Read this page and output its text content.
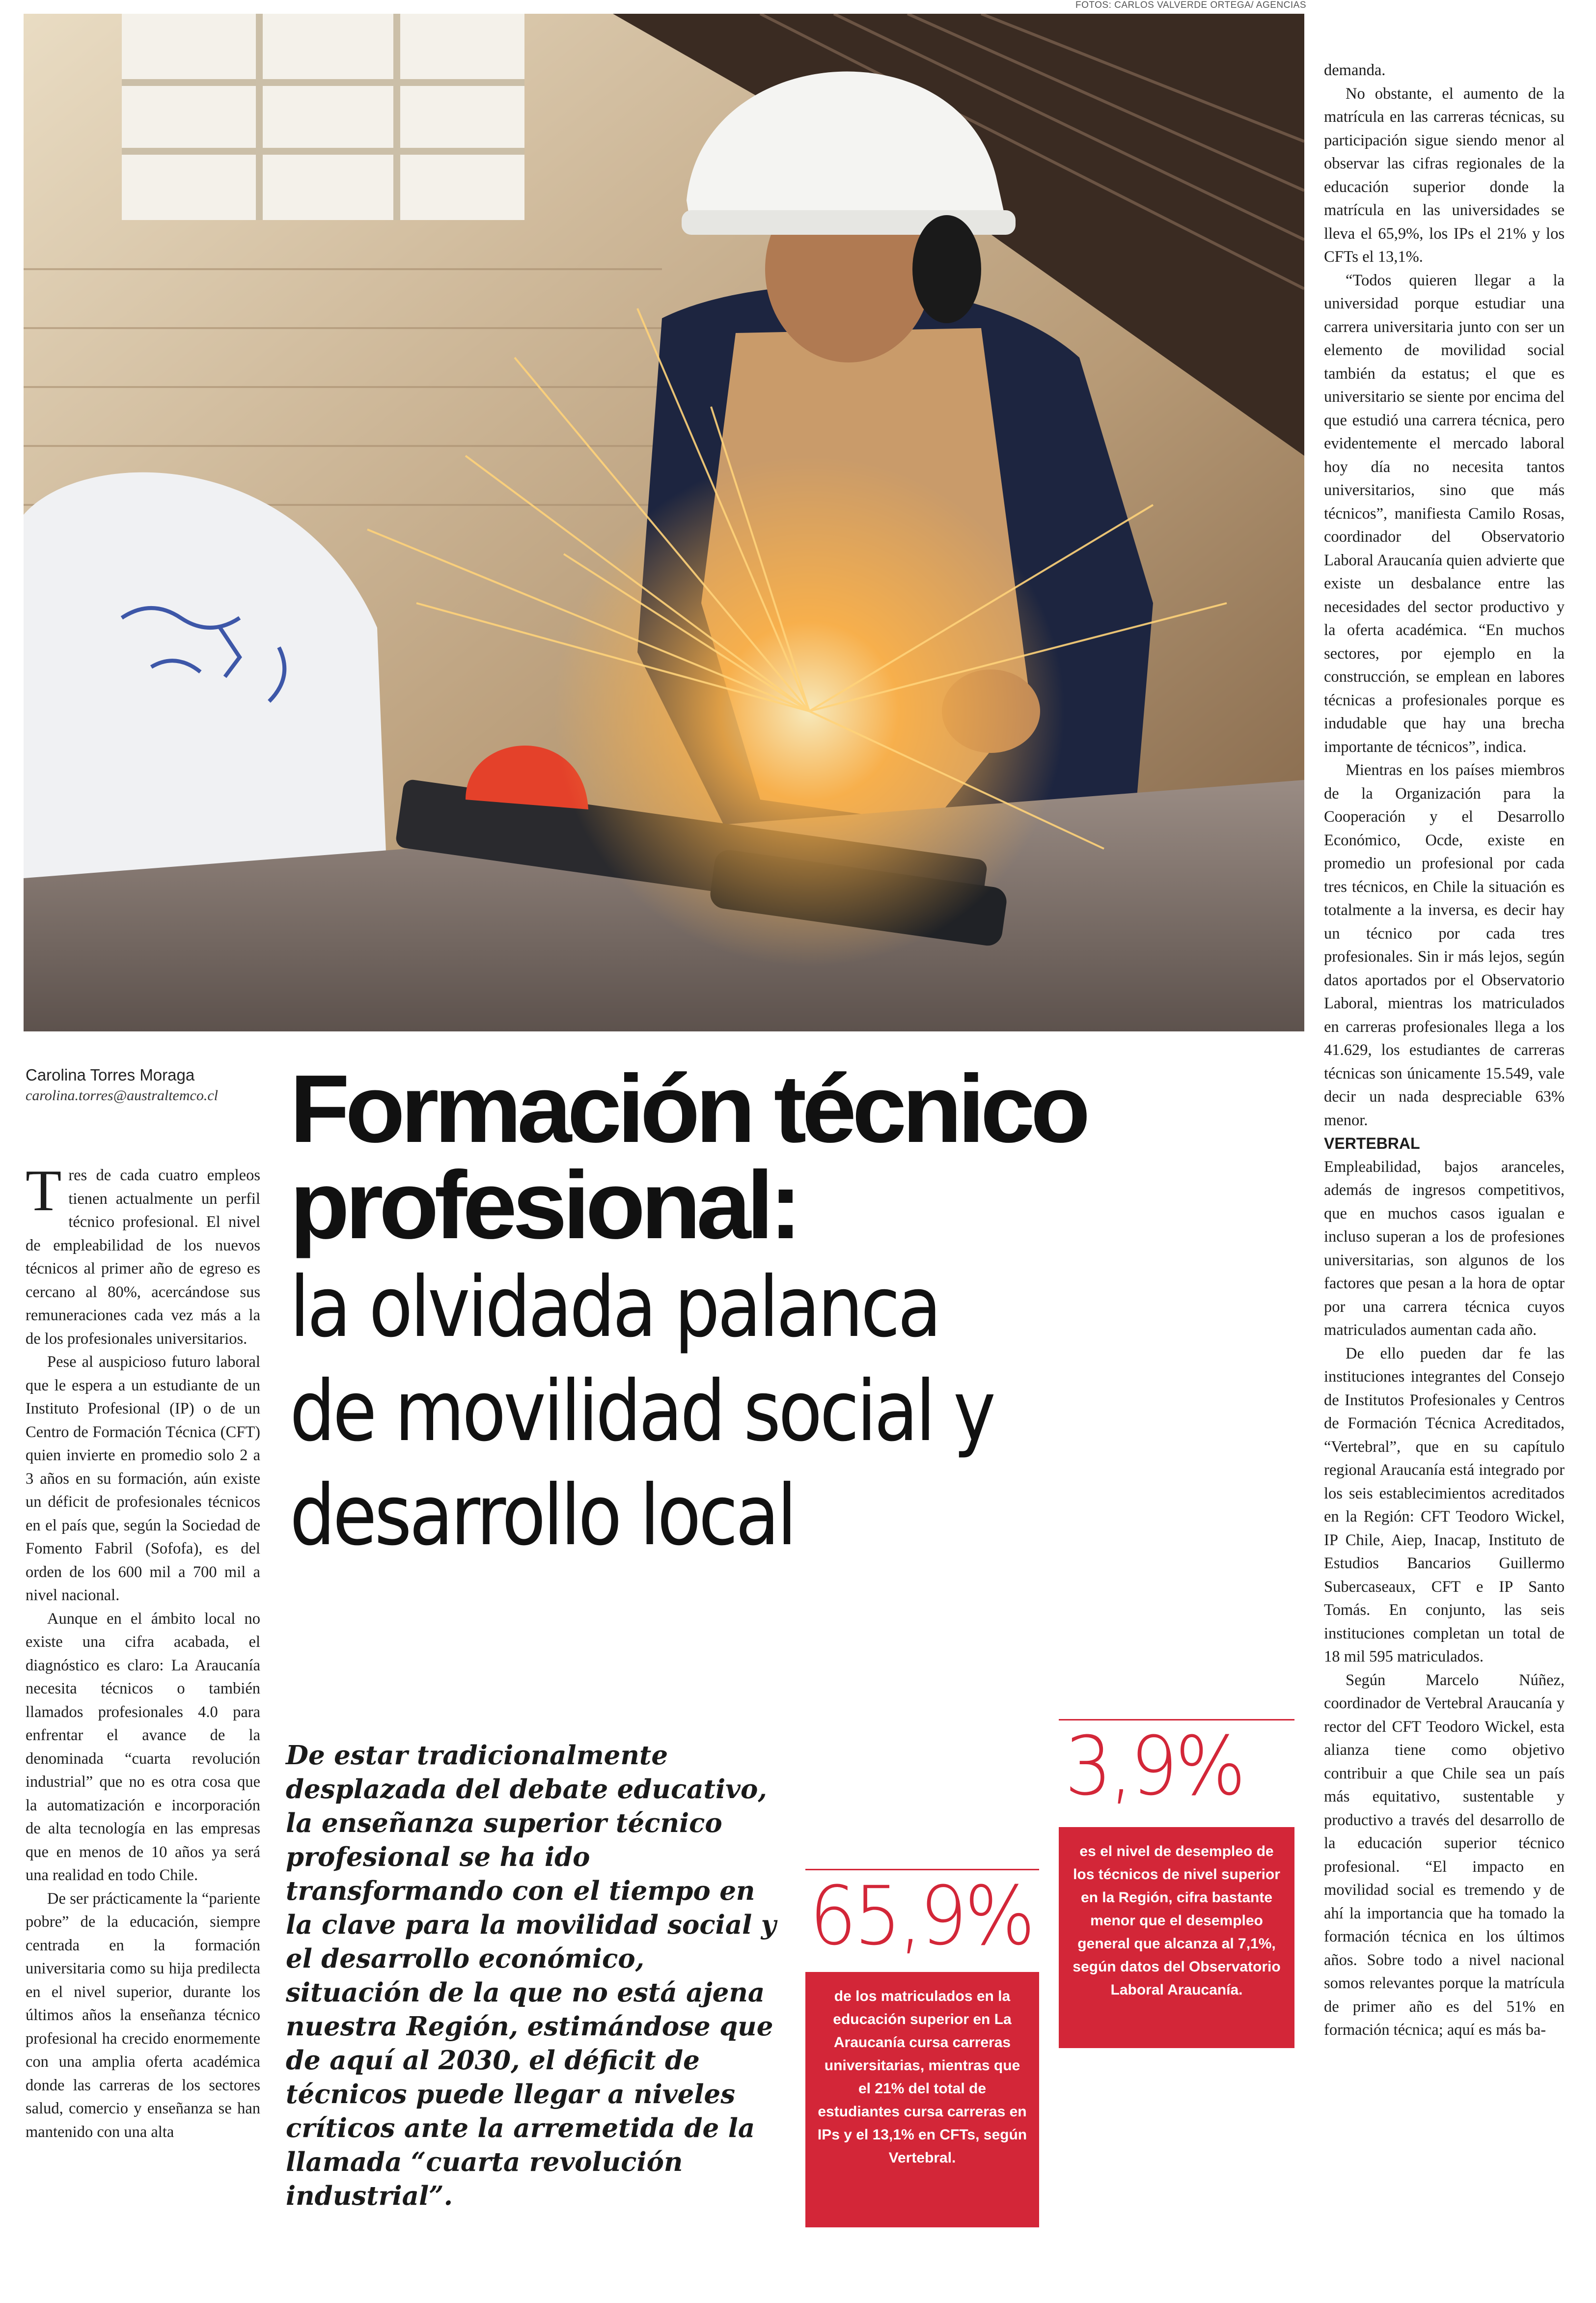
FOTOS: CARLOS VALVERDE ORTEGA/ AGENCIAS
Carolina Torres Moraga
carolina.torres@australtemco.cl Formación técnico
profesional:
la olvidada palanca
de movilidad social y
desarrollo local

Tres de cada cuatro empleos tienen actualmente un perfil técnico profesional. El nivel de empleabilidad de los nuevos técnicos al primer año de egreso es cercano al 80%, acercándose sus remuneraciones cada vez más a la de los profesionales universitarios.

Pese al auspicioso futuro laboral que le espera a un estudiante de un Instituto Profesional (IP) o de un Centro de Formación Técnica (CFT) quien invierte en promedio solo 2 a 3 años en su formación, aún existe un déficit de profesionales técnicos en el país que, según la Sociedad de Fomento Fabril (Sofofa), es del orden de los 600 mil a 700 mil a nivel nacional.

Aunque en el ámbito local no existe una cifra acabada, el diagnóstico es claro: La Araucanía necesita técnicos o también llamados profesionales 4.0 para enfrentar el avance de la denominada “cuarta revolución industrial” que no es otra cosa que la automatización e incorporación de alta tecnología en las empresas que en menos de 10 años ya será una realidad en todo Chile.

De ser prácticamente la “pariente pobre” de la educación, siempre centrada en la formación universitaria como su hija predilecta en el nivel superior, durante los últimos años la enseñanza técnico profesional ha crecido enormemente con una amplia oferta académica donde las carreras de los sectores salud, comercio y enseñanza se han mantenido con una alta

De estar tradicionalmente desplazada del debate educativo, la enseñanza superior técnico profesional se ha ido transformando con el tiempo en la clave para la movilidad social y el desarrollo económico, situación de la que no está ajena nuestra Región, estimándose que de aquí al 2030, el déficit de técnicos puede llegar a niveles críticos ante la arremetida de la llamada “cuarta revolución industrial”.
65,9%
de los matriculados en la educación superior en La Araucanía cursa carreras universitarias, mientras que el 21% del total de estudiantes cursa carreras en IPs y el 13,1% en CFTs, según Vertebral.
3,9%
es el nivel de desempleo de los técnicos de nivel superior en la Región, cifra bastante menor que el desempleo general que alcanza al 7,1%, según datos del Observatorio Laboral Araucanía.

demanda.

No obstante, el aumento de la matrícula en las carreras técnicas, su participación sigue siendo menor al observar las cifras regionales de la educación superior donde la matrícula en las universidades se lleva el 65,9%, los IPs el 21% y los CFTs el 13,1%.

“Todos quieren llegar a la universidad porque estudiar una carrera universitaria junto con ser un elemento de movilidad social también da estatus; el que es universitario se siente por encima del que estudió una carrera técnica, pero evidentemente el mercado laboral hoy día no necesita tantos universitarios, sino que más técnicos”, manifiesta Camilo Rosas, coordinador del Observatorio Laboral Araucanía quien advierte que existe un desbalance entre las necesidades del sector productivo y la oferta académica. “En muchos sectores, por ejemplo en la construcción, se emplean en labores técnicas a profesionales porque es indudable que hay una brecha importante de técnicos”, indica.

Mientras en los países miembros de la Organización para la Cooperación y el Desarrollo Económico, Ocde, existe en promedio un profesional por cada tres técnicos, en Chile la situación es totalmente a la inversa, es decir hay un técnico por cada tres profesionales. Sin ir más lejos, según datos aportados por el Observatorio Laboral, mientras los matriculados en carreras profesionales llega a los 41.629, los estudiantes de carreras técnicas son únicamente 15.549, vale decir un nada despreciable 63% menor.

VERTEBRAL

Empleabilidad, bajos aranceles, además de ingresos competitivos, que en muchos casos igualan e incluso superan a los de profesiones universitarias, son algunos de los factores que pesan a la hora de optar por una carrera técnica cuyos matriculados aumentan cada año.

De ello pueden dar fe las instituciones integrantes del Consejo de Institutos Profesionales y Centros de Formación Técnica Acreditados, “Vertebral”, que en su capítulo regional Araucanía está integrado por los seis establecimientos acreditados en la Región: CFT Teodoro Wickel, IP Chile, Aiep, Inacap, Instituto de Estudios Bancarios Guillermo Subercaseaux, CFT e IP Santo Tomás. En conjunto, las seis instituciones completan un total de 18 mil 595 matriculados.

Según Marcelo Núñez, coordinador de Vertebral Araucanía y rector del CFT Teodoro Wickel, esta alianza tiene como objetivo contribuir a que Chile sea un país más equitativo, sustentable y productivo a través del desarrollo de la educación superior técnico profesional. “El impacto en movilidad social es tremendo y de ahí la importancia que ha tomado la formación técnica en los últimos años. Sobre todo a nivel nacional somos relevantes porque la matrícula de primer año es del 51% en formación técnica; aquí es más ba-
